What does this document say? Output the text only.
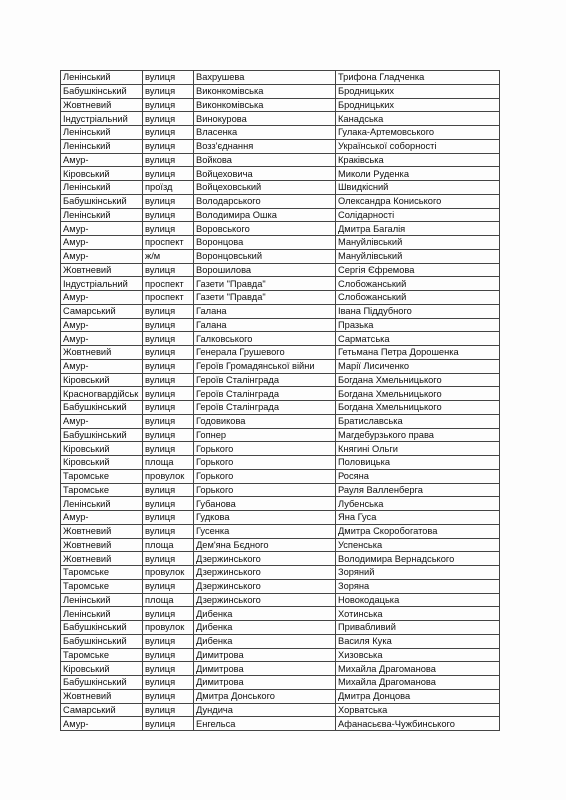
Ленінський	вулиця	Вахрушева	Трифона Гладченка
Бабушкінський	вулиця	Виконкомівська	Бродницьких
Жовтневий	вулиця	Виконкомівська	Бродницьких
Індустріальний	вулиця	Винокурова	Канадська
Ленінський	вулиця	Власенка	Гулака-Артемовського
Ленінський	вулиця	Возз'єднання	Української соборності
Амур-	вулиця	Войкова	Краківська
Кіровський	вулиця	Войцеховича	Миколи Руденка
Ленінський	проїзд	Войцеховський	Швидкісний
Бабушкінський	вулиця	Володарського	Олександра Кониського
Ленінський	вулиця	Володимира Ошка	Солідарності
Амур-	вулиця	Воровського	Дмитра Багалія
Амур-	проспект	Воронцова	Мануйлівський
Амур-	ж/м	Воронцовський	Мануйлівський
Жовтневий	вулиця	Ворошилова	Сергія Єфремова
Індустріальний	проспект	Газети "Правда"	Слобожанський
Амур-	проспект	Газети "Правда"	Слобожанський
Самарський	вулиця	Галана	Івана Піддубного
Амур-	вулиця	Галана	Празька
Амур-	вулиця	Галковського	Сарматська
Жовтневий	вулиця	Генерала Грушевого	Гетьмана Петра Дорошенка
Амур-	вулиця	Героїв Громадянської війни	Марії Лисиченко
Кіровський	вулиця	Героїв Сталінграда	Богдана Хмельницького
Красногвардійськ	вулиця	Героїв Сталінграда	Богдана Хмельницького
Бабушкінський	вулиця	Героїв Сталінграда	Богдана Хмельницького
Амур-	вулиця	Годовикова	Братиславська
Бабушкінський	вулиця	Гопнер	Магдебурзького права
Кіровський	вулиця	Горького	Княгині Ольги
Кіровський	площа	Горького	Половицька
Таромське	провулок	Горького	Росяна
Таромське	вулиця	Горького	Рауля Валленберга
Ленінський	вулиця	Губанова	Лубенська
Амур-	вулиця	Гудкова	Яна Гуса
Жовтневий	вулиця	Гусенка	Дмитра Скоробогатова
Жовтневий	площа	Дем'яна Бєдного	Успенська
Жовтневий	вулиця	Дзержинського	Володимира Вернадського
Таромське	провулок	Дзержинського	Зоряний
Таромське	вулиця	Дзержинського	Зоряна
Ленінський	площа	Дзержинського	Новокодацька
Ленінський	вулиця	Дибенка	Хотинська
Бабушкінський	провулок	Дибенка	Привабливий
Бабушкінський	вулиця	Дибенка	Василя Кука
Таромське	вулиця	Димитрова	Хизовська
Кіровський	вулиця	Димитрова	Михайла Драгоманова
Бабушкінський	вулиця	Димитрова	Михайла Драгоманова
Жовтневий	вулиця	Дмитра Донського	Дмитра Донцова
Самарський	вулиця	Дундича	Хорватська
Амур-	вулиця	Енгельса	Афанасьєва-Чужбинського
